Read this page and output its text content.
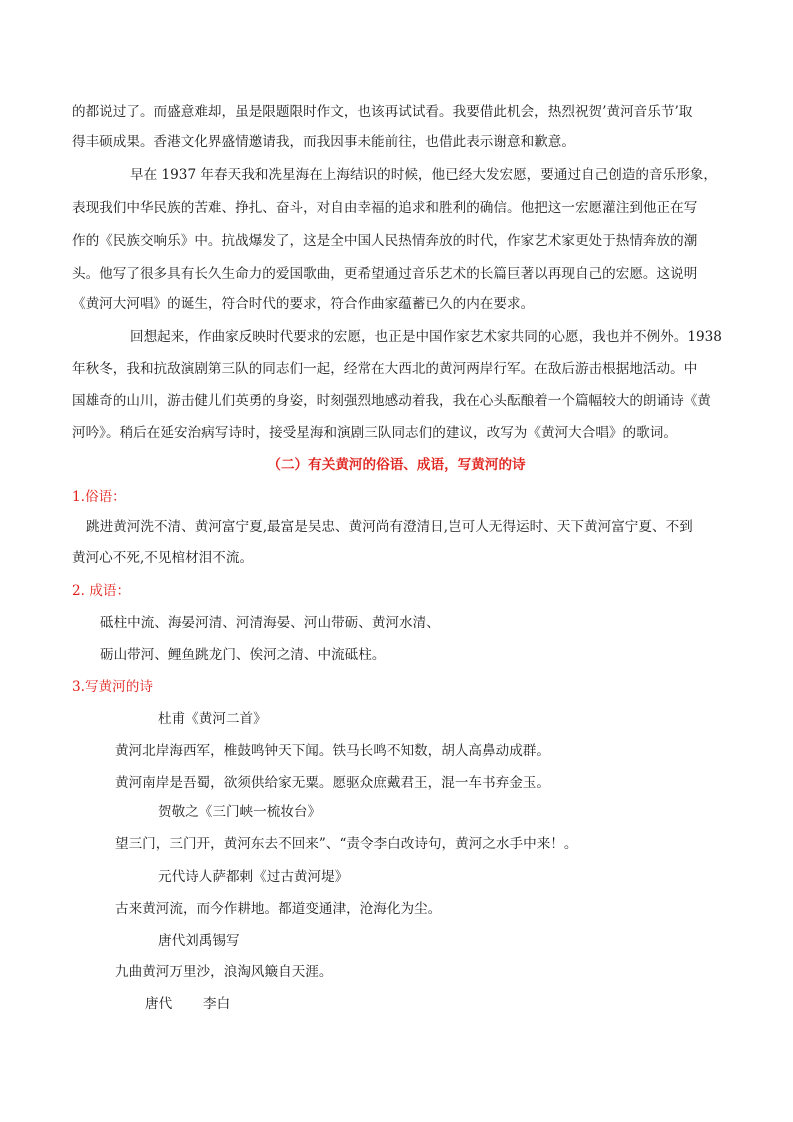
的都说过了。而盛意难却，虽是限题限时作文，也该再试试看。我要借此机会，热烈祝贺’黄河音乐节’取
得丰硕成果。香港文化界盛情邀请我，而我因事未能前往，也借此表示谢意和歉意。
早在 1937 年春天我和冼星海在上海结识的时候，他已经大发宏愿，要通过自己创造的音乐形象，
表现我们中华民族的苦难、挣扎、奋斗，对自由幸福的追求和胜利的确信。他把这一宏愿灌注到他正在写
作的《民族交响乐》中。抗战爆发了，这是全中国人民热情奔放的时代，作家艺术家更处于热情奔放的潮
头。他写了很多具有长久生命力的爱国歌曲，更希望通过音乐艺术的长篇巨著以再现自己的宏愿。这说明
《黄河大河唱》的诞生，符合时代的要求，符合作曲家蕴蓄已久的内在要求。
回想起来，作曲家反映时代要求的宏愿，也正是中国作家艺术家共同的心愿，我也并不例外。1938
年秋冬，我和抗敌演剧第三队的同志们一起，经常在大西北的黄河两岸行军。在敌后游击根据地活动。中
国雄奇的山川，游击健儿们英勇的身姿，时刻强烈地感动着我，我在心头酝酿着一个篇幅较大的朗诵诗《黄
河吟》。稍后在延安治病写诗时，接受星海和演剧三队同志们的建议，改写为《黄河大合唱》的歌词。
（二）有关黄河的俗语、成语，写黄河的诗
1.俗语：
跳进黄河洗不清、黄河富宁夏,最富是吴忠、黄河尚有澄清日,岂可人无得运时、天下黄河富宁夏、不到
黄河心不死,不见棺材泪不流。
2. 成语：
砥柱中流、海晏河清、河清海晏、河山带砺、黄河水清、
砺山带河、鲤鱼跳龙门、俟河之清、中流砥柱。
3.写黄河的诗
杜甫《黄河二首》
黄河北岸海西军，椎鼓鸣钟天下闻。铁马长鸣不知数，胡人高鼻动成群。
黄河南岸是吾蜀，欲须供给家无粟。愿驱众庶戴君王，混一车书弃金玉。
贺敬之《三门峡一梳妆台》
望三门，三门开，黄河东去不回来”、“责令李白改诗句，黄河之水手中来！。
元代诗人萨都剌《过古黄河堤》
古来黄河流，而今作耕地。都道变通津，沧海化为尘。
唐代刘禹锡写
九曲黄河万里沙，浪淘风簸自天涯。
唐代 李白
